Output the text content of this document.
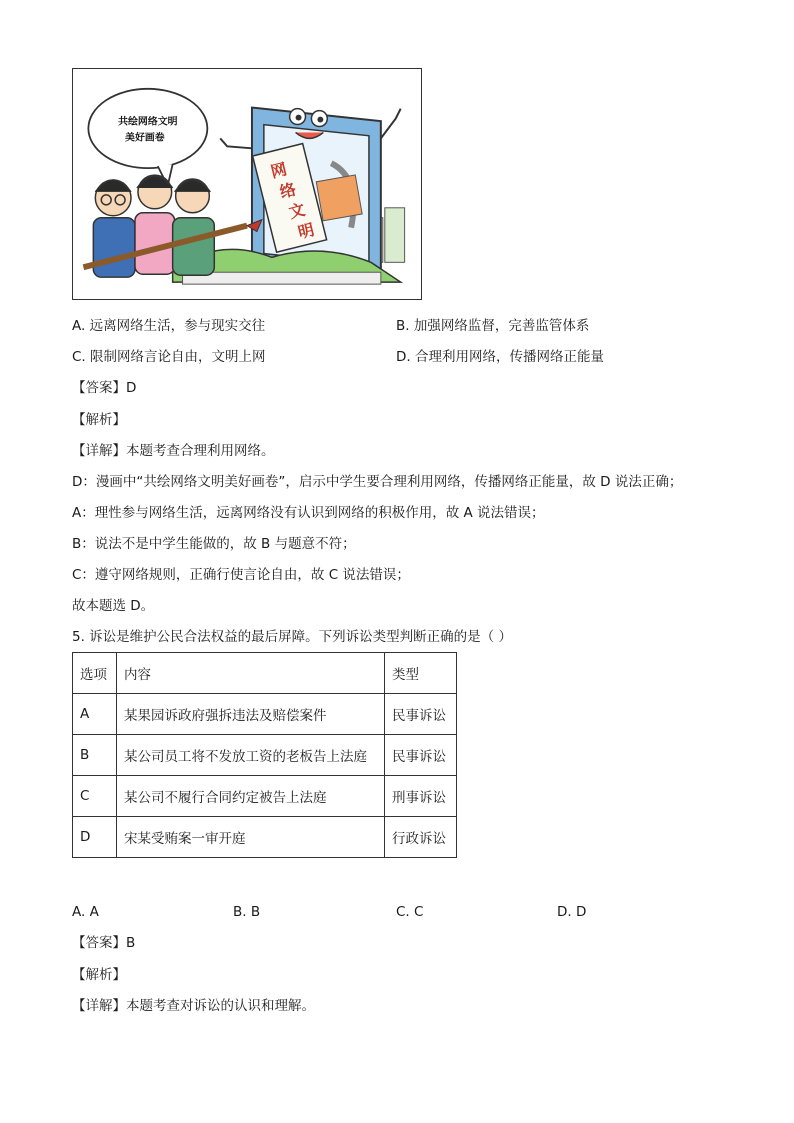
网
络
文
明
共绘网络文明
美好画卷
A. 远离网络生活，参与现实交往	B. 加强网络监督，完善监管体系
C. 限制网络言论自由，文明上网	D. 合理利用网络，传播网络正能量
【答案】D
【解析】
【详解】本题考查合理利用网络。
D：漫画中“共绘网络文明美好画卷”，启示中学生要合理利用网络，传播网络正能量，故 D 说法正确；
A：理性参与网络生活，远离网络没有认识到网络的积极作用，故 A 说法错误；
B：说法不是中学生能做的，故 B 与题意不符；
C：遵守网络规则，正确行使言论自由，故 C 说法错误；
故本题选 D。
5. 诉讼是维护公民合法权益的最后屏障。下列诉讼类型判断正确的是（ ）
选项	内容	类型
A	某果园诉政府强拆违法及赔偿案件	民事诉讼
B	某公司员工将不发放工资的老板告上法庭	民事诉讼
C	某公司不履行合同约定被告上法庭	刑事诉讼
D	宋某受贿案一审开庭	行政诉讼
A. A	B. B	C. C	D. D
【答案】B
【解析】
【详解】本题考查对诉讼的认识和理解。
